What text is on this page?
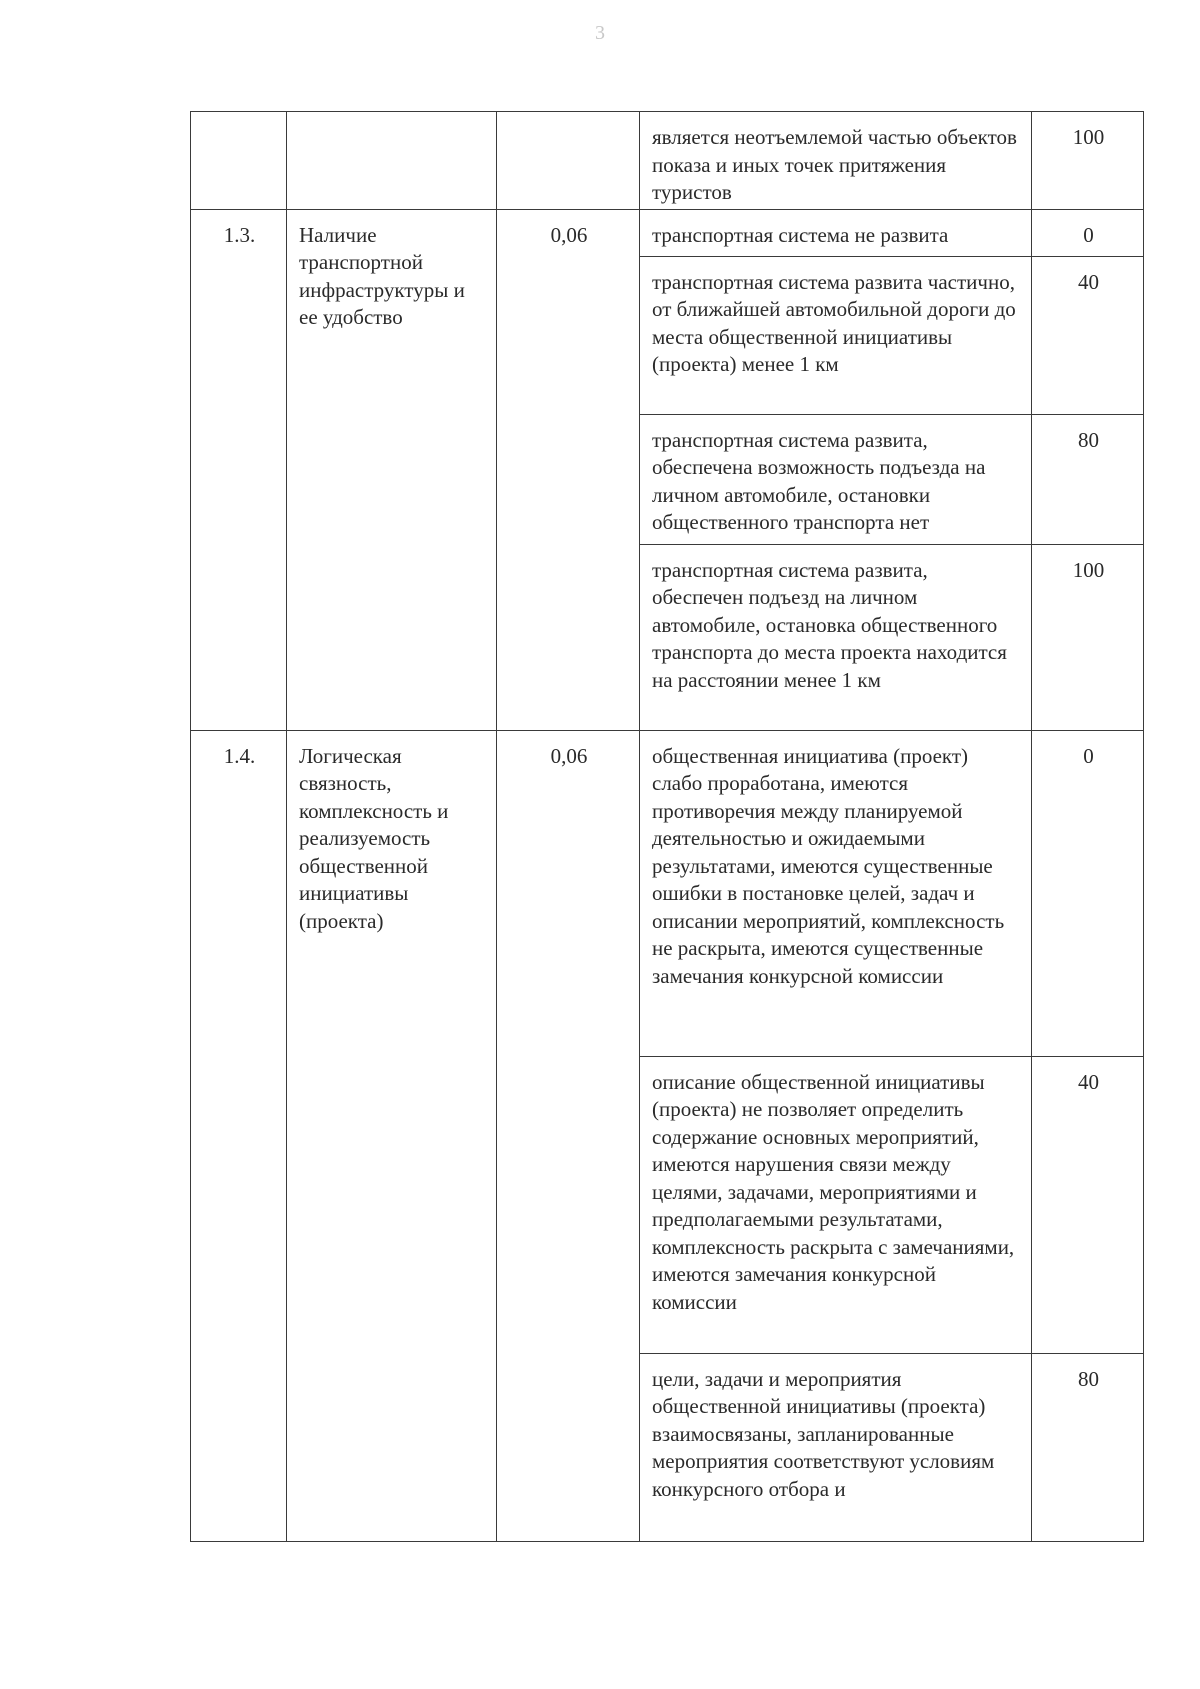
3
			является неотъемлемой частью объектов показа и иных точек притяжения туристов	100
1.3.	Наличие транспортной инфраструктуры и ее удобство	0,06	транспортная система не развита	0
			транспортная система развита частично, от ближайшей автомобильной дороги до места общественной инициативы (проекта) менее 1 км	40
			транспортная система развита, обеспечена возможность подъезда на личном автомобиле, остановки общественного транспорта нет	80
			транспортная система развита, обеспечен подъезд на личном автомобиле, остановка общественного транспорта до места проекта находится на расстоянии менее 1 км	100
1.4.	Логическая связность, комплексность и реализуемость общественной инициативы (проекта)	0,06	общественная инициатива (проект) слабо проработана, имеются противоречия между планируемой деятельностью и ожидаемыми результатами, имеются существенные ошибки в постановке целей, задач и описании мероприятий, комплексность не раскрыта, имеются существенные замечания конкурсной комиссии	0
			описание общественной инициативы (проекта) не позволяет определить содержание основных мероприятий, имеются нарушения связи между целями, задачами, мероприятиями и предполагаемыми результатами, комплексность раскрыта с замечаниями, имеются замечания конкурсной комиссии	40
			цели, задачи и мероприятия общественной инициативы (проекта) взаимосвязаны, запланированные мероприятия соответствуют условиям конкурсного отбора и	80
